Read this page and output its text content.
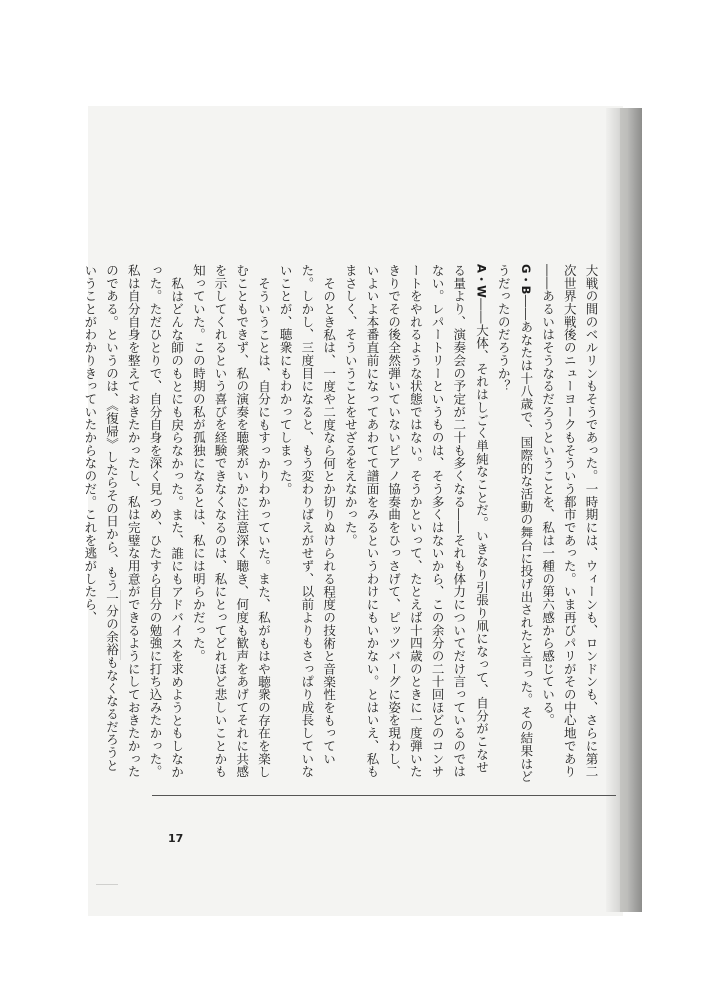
大戦の間のベルリンもそうであった。一時期には、ウィーンも、ロンドンも、さらに第二次世界大戦後のニューヨークもそういう都市であった。いま再びパリがその中心地であり――あるいはそうなるだろうということを、私は一種の第六感から感じている。

G・B――あなたは十八歳で、国際的な活動の舞台に投げ出されたと言った。その結果はどうだったのだろうか？

A・W――大体、それはしごく単純なことだ。いきなり引張り凧になって、自分がこなせる量より、演奏会の予定が二十も多くなる――それも体力についてだけ言っているのではない。レパートリーというものは、そう多くはないから、この余分の二十回ほどのコンサートをやれるような状態ではない。そうかといって、たとえば十四歳のときに一度弾いたきりでその後全然弾いていないピアノ協奏曲をひっさげて、ピッツバーグに姿を現わし、いよいよ本番直前になってあわてて譜面をみるというわけにもいかない。とはいえ、私もまさしく、そういうことをせざるをえなかった。

そのとき私は、一度や二度なら何とか切りぬけられる程度の技術と音楽性をもっていた。しかし、三度目になると、もう変わりばえがせず、以前よりもさっぱり成長していないことが、聴衆にもわかってしまった。

そういうことは、自分にもすっかりわかっていた。また、私がもはや聴衆の存在を楽しむこともできず、私の演奏を聴衆がいかに注意深く聴き、何度も歓声をあげてそれに共感を示してくれるという喜びを経験できなくなるのは、私にとってどれほど悲しいことかも知っていた。この時期の私が孤独になるとは、私には明らかだった。

私はどんな師のもとにも戻らなかった。また、誰にもアドバイスを求めようともしなかった。ただひとりで、自分自身を深く見つめ、ひたすら自分の勉強に打ち込みたかった。私は自分自身を整えておきたかったし、私は完璧な用意ができるようにしておきたかったのである。というのは、《復帰》したらその日から、もう一分の余裕もなくなるだろうということがわかりきっていたからなのだ。これを逃がしたら、

17
